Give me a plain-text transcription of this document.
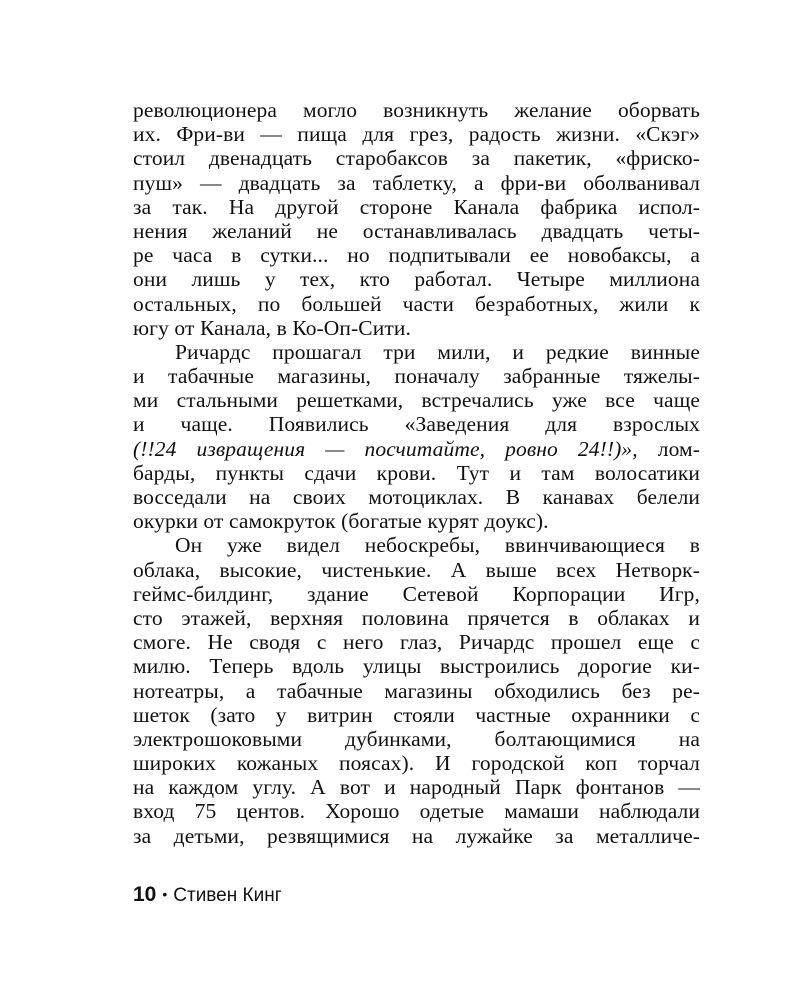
революционера могло возникнуть желание оборвать
их. Фри-ви — пища для грез, радость жизни. «Скэг»
стоил двенадцать старобаксов за пакетик, «фриско-
пуш» — двадцать за таблетку, а фри-ви оболванивал
за так. На другой стороне Канала фабрика испол-
нения желаний не останавливалась двадцать четы-
ре часа в сутки... но подпитывали ее новобаксы, а
они лишь у тех, кто работал. Четыре миллиона
остальных, по большей части безработных, жили к
югу от Канала, в Ко-Оп-Сити.
Ричардс прошагал три мили, и редкие винные
и табачные магазины, поначалу забранные тяжелы-
ми стальными решетками, встречались уже все чаще
и чаще. Появились «Заведения для взрослых
(!!24 извращения — посчитайте, ровно 24!!)», лом-
барды, пункты сдачи крови. Тут и там волосатики
восседали на своих мотоциклах. В канавах белели
окурки от самокруток (богатые курят доукс).
Он уже видел небоскребы, ввинчивающиеся в
облака, высокие, чистенькие. А выше всех Нетворк-
геймс-билдинг, здание Сетевой Корпорации Игр,
сто этажей, верхняя половина прячется в облаках и
смоге. Не сводя с него глаз, Ричардс прошел еще с
милю. Теперь вдоль улицы выстроились дорогие ки-
нотеатры, а табачные магазины обходились без ре-
шеток (зато у витрин стояли частные охранники с
электрошоковыми дубинками, болтающимися на
широких кожаных поясах). И городской коп торчал
на каждом углу. А вот и народный Парк фонтанов —
вход 75 центов. Хорошо одетые мамаши наблюдали
за детьми, резвящимися на лужайке за металличе-
10 • Стивен Кинг
